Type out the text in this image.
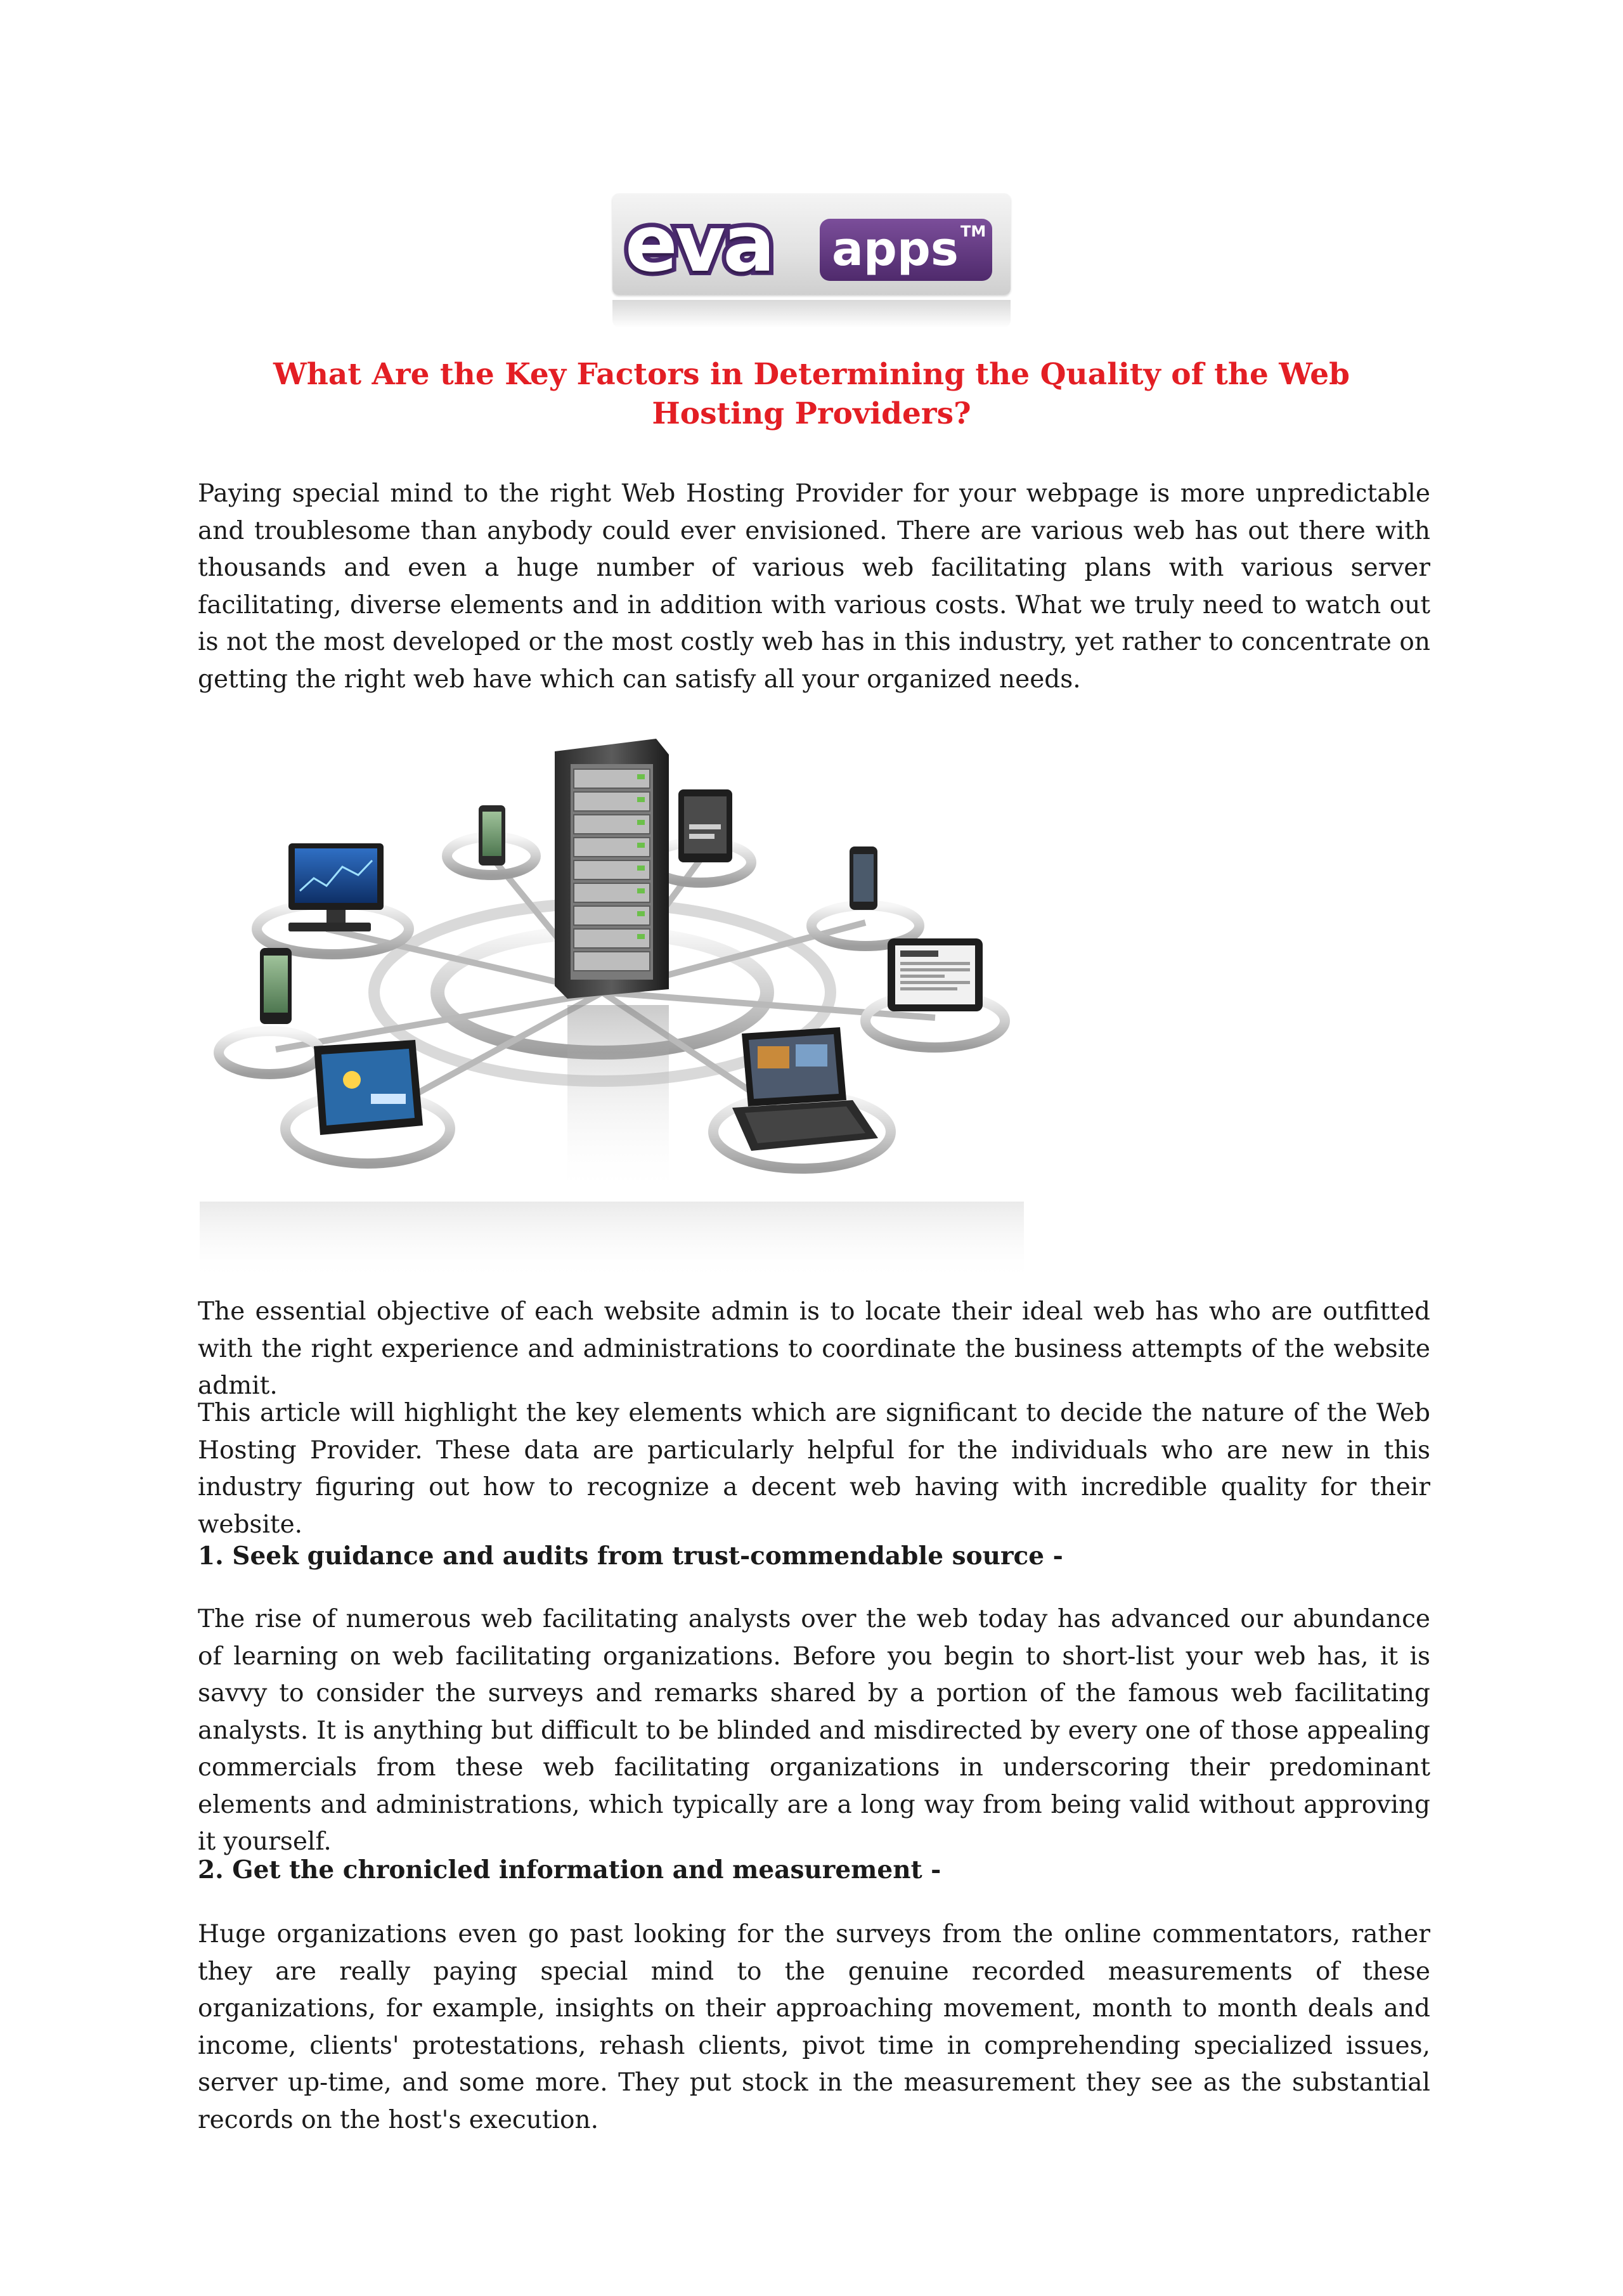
eva apps TM
What Are the Key Factors in Determining the Quality of the Web Hosting Providers?

Paying special mind to the right Web Hosting Provider for your webpage is more unpredictable and troublesome than anybody could ever envisioned. There are various web has out there with thousands and even a huge number of various web facilitating plans with various server facilitating, diverse elements and in addition with various costs. What we truly need to watch out is not the most developed or the most costly web has in this industry, yet rather to concentrate on getting the right web have which can satisfy all your organized needs.

The essential objective of each website admin is to locate their ideal web has who are outfitted with the right experience and administrations to coordinate the business attempts of the website admit.

This article will highlight the key elements which are significant to decide the nature of the Web Hosting Provider. These data are particularly helpful for the individuals who are new in this industry figuring out how to recognize a decent web having with incredible quality for their website.

1. Seek guidance and audits from trust-commendable source -

The rise of numerous web facilitating analysts over the web today has advanced our abundance of learning on web facilitating organizations. Before you begin to short-list your web has, it is savvy to consider the surveys and remarks shared by a portion of the famous web facilitating analysts. It is anything but difficult to be blinded and misdirected by every one of those appealing commercials from these web facilitating organizations in underscoring their predominant elements and administrations, which typically are a long way from being valid without approving it yourself.

2. Get the chronicled information and measurement -

Huge organizations even go past looking for the surveys from the online commentators, rather they are really paying special mind to the genuine recorded measurements of these organizations, for example, insights on their approaching movement, month to month deals and income, clients' protestations, rehash clients, pivot time in comprehending specialized issues, server up-time, and some more. They put stock in the measurement they see as the substantial records on the host's execution.
